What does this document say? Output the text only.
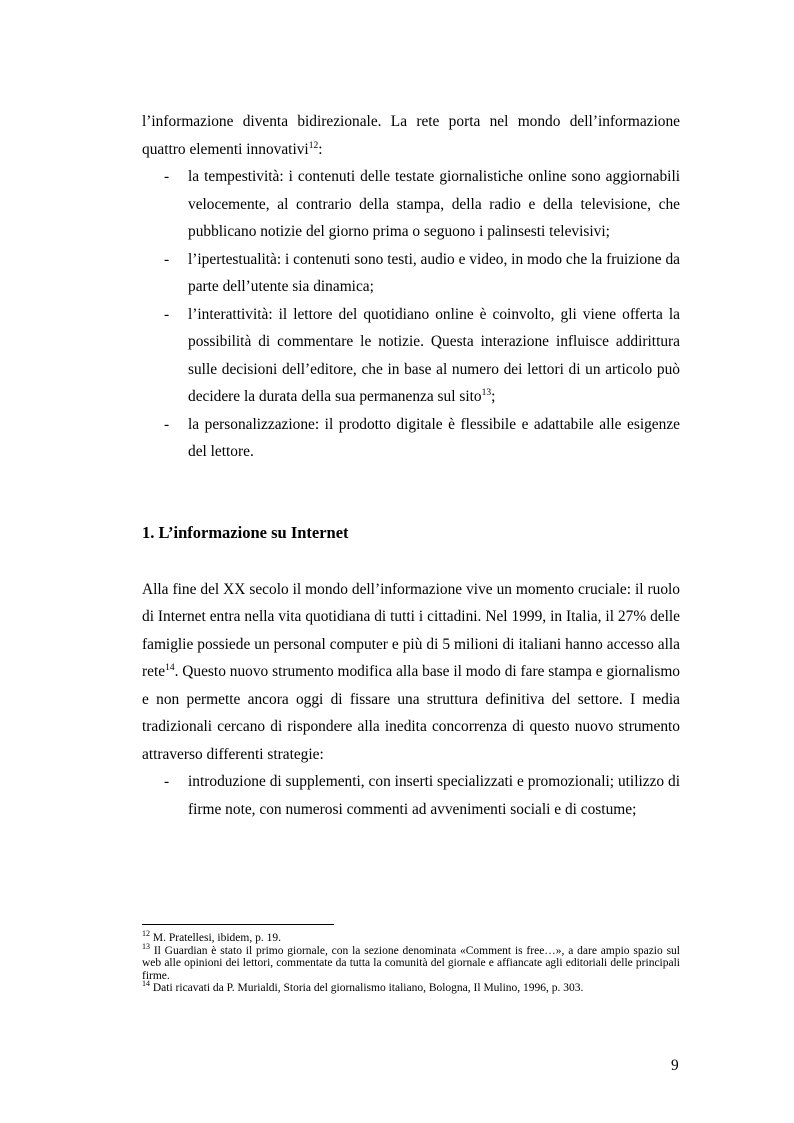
l’informazione diventa bidirezionale. La rete porta nel mondo dell’informazione quattro elementi innovativi$^{12}$:

- la tempestività: i contenuti delle testate giornalistiche online sono aggiornabili velocemente, al contrario della stampa, della radio e della televisione, che pubblicano notizie del giorno prima o seguono i palinsesti televisivi;
- l’ipertestualità: i contenuti sono testi, audio e video, in modo che la fruizione da parte dell’utente sia dinamica;
- l’interattività: il lettore del quotidiano online è coinvolto, gli viene offerta la possibilità di commentare le notizie. Questa interazione influisce addirittura sulle decisioni dell’editore, che in base al numero dei lettori di un articolo può decidere la durata della sua permanenza sul sito$^{13}$;
- la personalizzazione: il prodotto digitale è flessibile e adattabile alle esigenze del lettore.
1. L’informazione su Internet

Alla fine del XX secolo il mondo dell’informazione vive un momento cruciale: il ruolo di Internet entra nella vita quotidiana di tutti i cittadini. Nel 1999, in Italia, il 27% delle famiglie possiede un personal computer e più di 5 milioni di italiani hanno accesso alla rete$^{14}$. Questo nuovo strumento modifica alla base il modo di fare stampa e giornalismo e non permette ancora oggi di fissare una struttura definitiva del settore. I media tradizionali cercano di rispondere alla inedita concorrenza di questo nuovo strumento attraverso differenti strategie:

- introduzione di supplementi, con inserti specializzati e promozionali; utilizzo di firme note, con numerosi commenti ad avvenimenti sociali e di costume;

$^{12}$ M. Pratellesi, ibidem, p. 19.

$^{13}$ Il Guardian è stato il primo giornale, con la sezione denominata «Comment is free…», a dare ampio spazio sul web alle opinioni dei lettori, commentate da tutta la comunità del giornale e affiancate agli editoriali delle principali firme.

$^{14}$ Dati ricavati da P. Murialdi, Storia del giornalismo italiano, Bologna, Il Mulino, 1996, p. 303.

9
